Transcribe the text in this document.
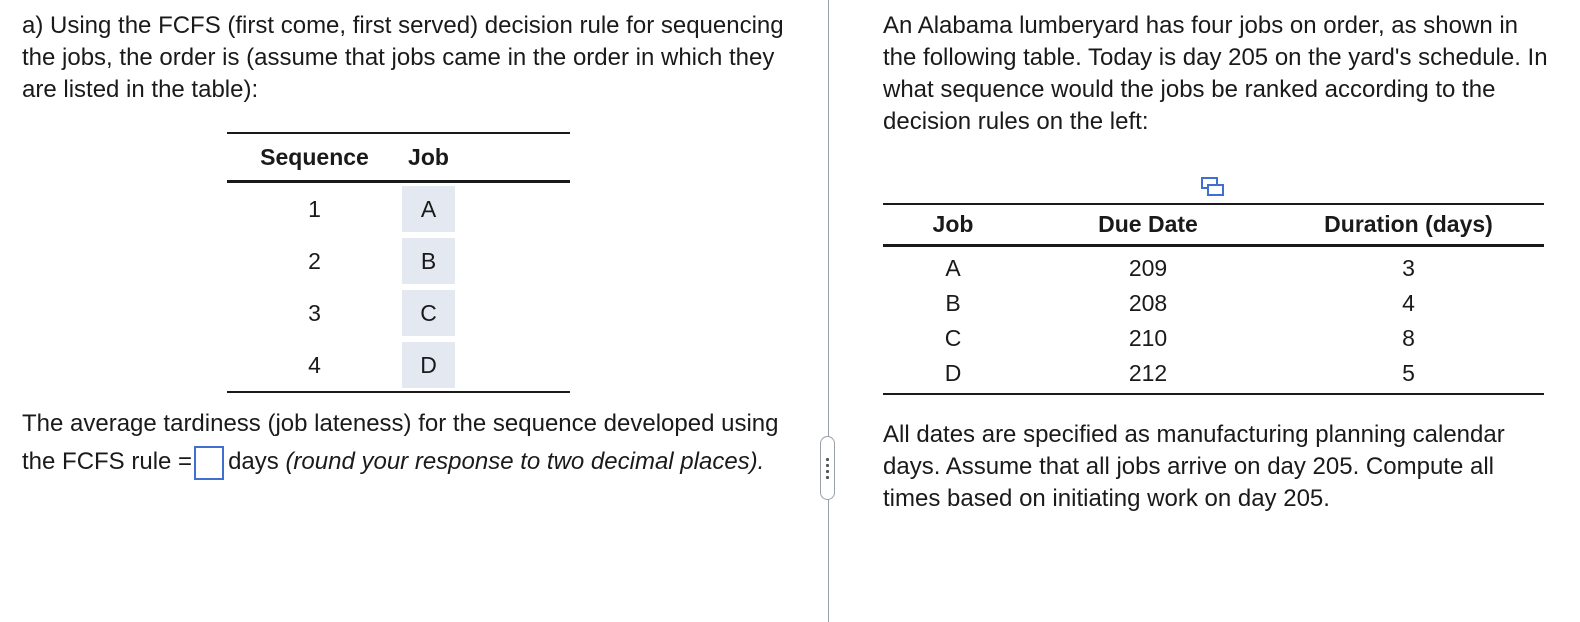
a) Using the FCFS (first come, first served) decision rule for sequencing the jobs, the order is (assume that jobs came in the order in which they are listed in the table):

Sequence	Job
1	A
2	B
3	C
4	D

The average tardiness (job lateness) for the sequence developed using the FCFS rule = days (round your response to two decimal places).

An Alabama lumberyard has four jobs on order, as shown in the following table. Today is day 205 on the yard's schedule. In what sequence would the jobs be ranked according to the decision rules on the left:

All dates are specified as manufacturing planning calendar days. Assume that all jobs arrive on day 205. Compute all times based on initiating work on day 205.

Job	Due Date	Duration (days)
A	209	3
B	208	4
C	210	8
D	212	5
